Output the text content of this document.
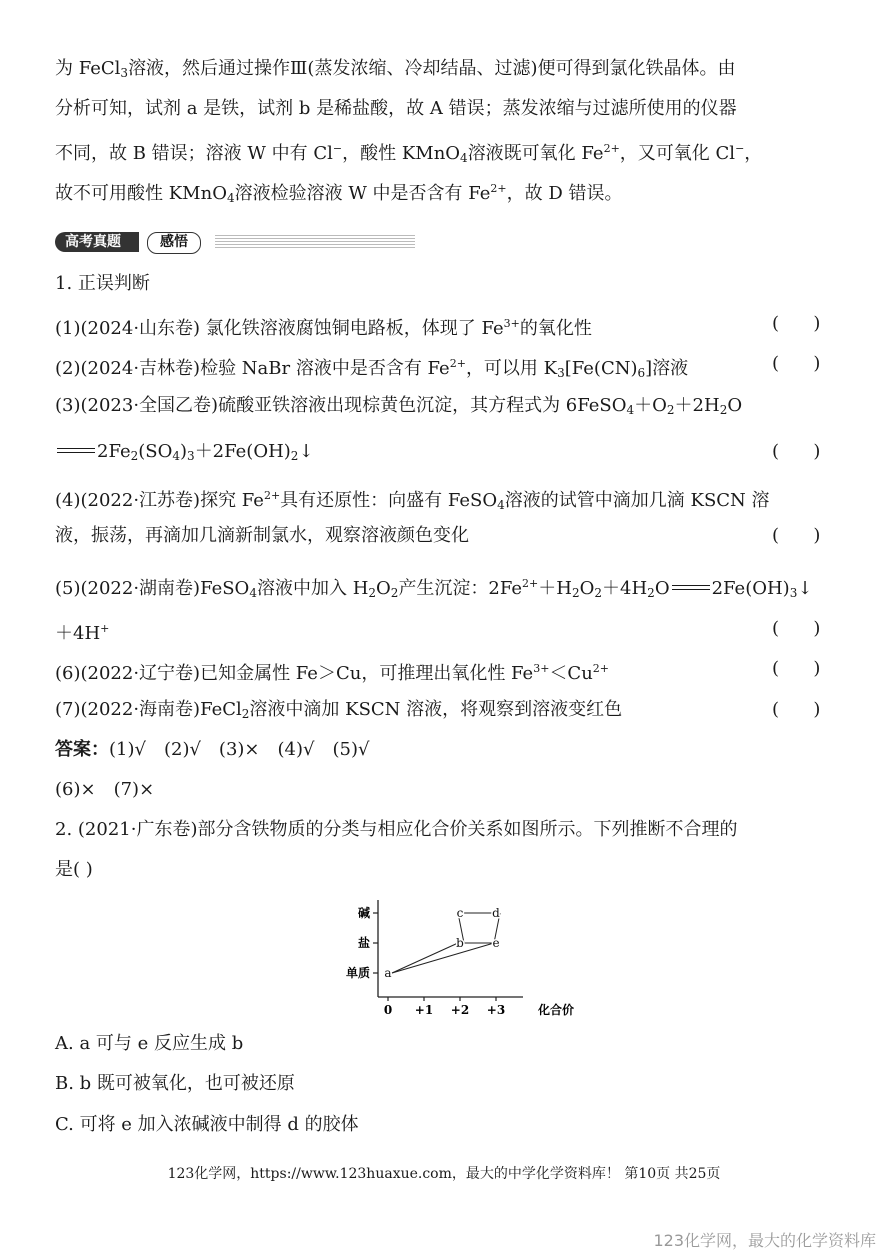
为 FeCl$_3$溶液，然后通过操作Ⅲ(蒸发浓缩、冷却结晶、过滤)便可得到氯化铁晶体。由
分析可知，试剂 a 是铁，试剂 b 是稀盐酸，故 A 错误；蒸发浓缩与过滤所使用的仪器
不同，故 B 错误；溶液 W 中有 Cl−，酸性 KMnO$_4$溶液既可氧化 $Fe^{2+}$，又可氧化 Cl−，
故不可用酸性 KMnO$_4$溶液检验溶液 W 中是否含有 $Fe^{2+}$，故 D 错误。
高考真题	感悟
1. 正误判断
(1)(2024·山东卷) 氯化铁溶液腐蚀铜电路板，体现了 $Fe^{3+}$的氧化性	(      )
(2)(2024·吉林卷)检验 NaBr 溶液中是否含有 $Fe^{2+}$，可以用 $K_3[Fe(CN)_6]$溶液	(      )
(3)(2023·全国乙卷)硫酸亚铁溶液出现棕黄色沉淀，其方程式为 $6FeSO_4+O_2+2H_2O$
$2Fe_2(SO_4)_3+2Fe(OH)_2↓$	(      )
(4)(2022·江苏卷)探究 $Fe^{2+}$具有还原性：向盛有 FeSO$_4$溶液的试管中滴加几滴 KSCN 溶
液，振荡，再滴加几滴新制氯水，观察溶液颜色变化	(      )
(5)(2022·湖南卷)FeSO$_4$溶液中加入 $H_2O_2$产生沉淀：$2Fe^{2+}+H_2O_2+4H_2O$ $2Fe(OH)_3↓$
＋4H+	(      )
(6)(2022·辽宁卷)已知金属性 Fe＞Cu，可推理出氧化性 $Fe^{3+}<Cu^{2+}$	(      )
(7)(2022·海南卷)FeCl$_2$溶液中滴加 KSCN 溶液，将观察到溶液变红色	(      )
答案：(1)√　(2)√　(3)×　(4)√　(5)√
(6)×　(7)×
2. (2021·广东卷)部分含铁物质的分类与相应化合价关系如图所示。下列推断不合理的
是( )
单质
盐
碱
0 +1 +2 +3	化合价
a
b
c d
e
A. a 可与 e 反应生成 b
B. b 既可被氧化，也可被还原
C. 可将 e 加入浓碱液中制得 d 的胶体
123化学网，https://www.123huaxue.com，最大的中学化学资料库！ 第10页 共25页
123化学网，最大的化学资料库
